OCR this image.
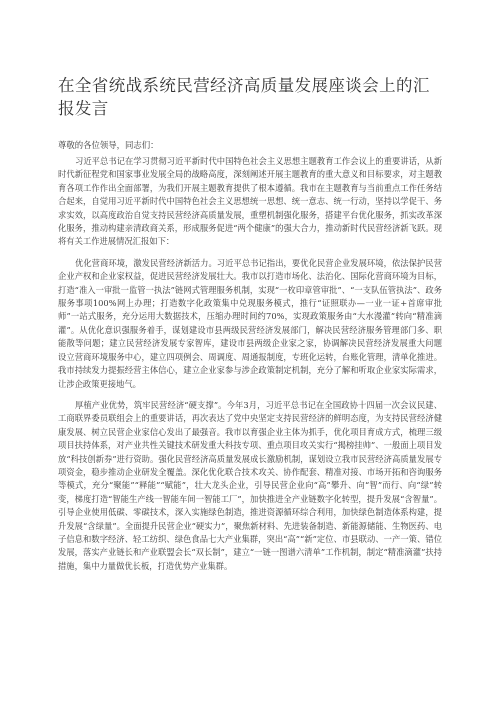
在全省统战系统民营经济高质量发展座谈会上的汇报发言
尊敬的各位领导，同志们：

习近平总书记在学习贯彻习近平新时代中国特色社会主义思想主题教育工作会议上的重要讲话，从新时代新征程党和国家事业发展全局的战略高度，深刻阐述开展主题教育的重大意义和目标要求，对主题教育各项工作作出全面部署，为我们开展主题教育提供了根本遵循。我市在主题教育与当前重点工作任务结合起来，自觉用习近平新时代中国特色社会主义思想统一思想、统一意志、统一行动，坚持以学促干、务求实效，以高度政治自觉支持民营经济高质量发展，重塑机制强化服务，搭建平台优化服务，抓实改革深化服务，推动构建亲清政商关系，形成服务促进“两个健康”的强大合力，推动新时代民营经济新飞跃。现将有关工作进展情况汇报如下：

优化营商环境，激发民营经济新活力。习近平总书记指出，要优化民营企业发展环境，依法保护民营企业产权和企业家权益，促进民营经济发展壮大。我市以打造市场化、法治化、国际化营商环境为目标，打造“准入一审批一监管一执法”链网式管理服务机制，实现“一枚印章管审批”、“一支队伍管执法”、政务服务事项100%网上办理；打造数字化政策集中兑现服务模式，推行“证照联办—一业一证+首席审批师”一站式服务，充分运用大数据技术，压缩办理时间约70%，实现政策服务由“大水漫灌”转向“精准滴灌”。从优化意识强服务着手，谋划建设市县两级民营经济发展部门，解决民营经济服务管理部门多、职能散等问题；建立民营经济发展专家智库，建设市县两级企业家之家，协调解决民营经济发展重大问题 设立营商环境服务中心，建立四项例会、周调度、周通报制度，专班化运转，台账化管理，清单化推进。我市持续发力提振经营主体信心，建立企业家参与涉企政策制定机制，充分了解和听取企业家实际需求，让涉企政策更接地气。

厚植产业优势，筑牢民营经济“硬支撑”。今年3月，习近平总书记在全国政协十四届一次会议民建、工商联界委员联组会上的重要讲话，再次表达了党中央坚定支持民营经济的鲜明态度，为支持民营经济健康发展、树立民营企业家信心发出了最强音。我市以育强企业主体为抓手，优化项目育成方式，梳理三级项目扶持体系，对产业共性关键技术研发重大科技专项、重点项目攻关实行“揭榜挂帅”、一般面上项目发放“科技创新券”进行资助。强化民营经济高质量发展成长激励机制，谋划设立我市民营经济高质量发展专项资金，稳步推动企业研发全覆盖。深化优化联合技术攻关、协作配套、精准对接、市场开拓和咨询服务等模式，充分“聚能”“释能”“赋能”，壮大龙头企业，引导民营企业向“高”攀升、向“智”而行、向“绿”转变，梯度打造“智能生产线一智能车间一智能工厂”，加快推进全产业链数字化转型，提升发展“含智量”。引导企业使用低碳、零碳技术，深入实施绿色制造，推进资源循环综合利用，加快绿色制造体系构建，提升发展“含绿量”。全面提升民营企业“硬实力”，聚焦新材料、先进装备制造、新能源储能、生物医药、电子信息和数字经济、轻工纺织、绿色食品七大产业集群，突出“高”“新”定位、市县联动、一产一策、错位发展，落实产业链长和产业联盟会长“双长制”，建立“一链一图谱六清单”工作机制，制定“精准滴灌”扶持措施，集中力量做优长板，打造优势产业集群。
